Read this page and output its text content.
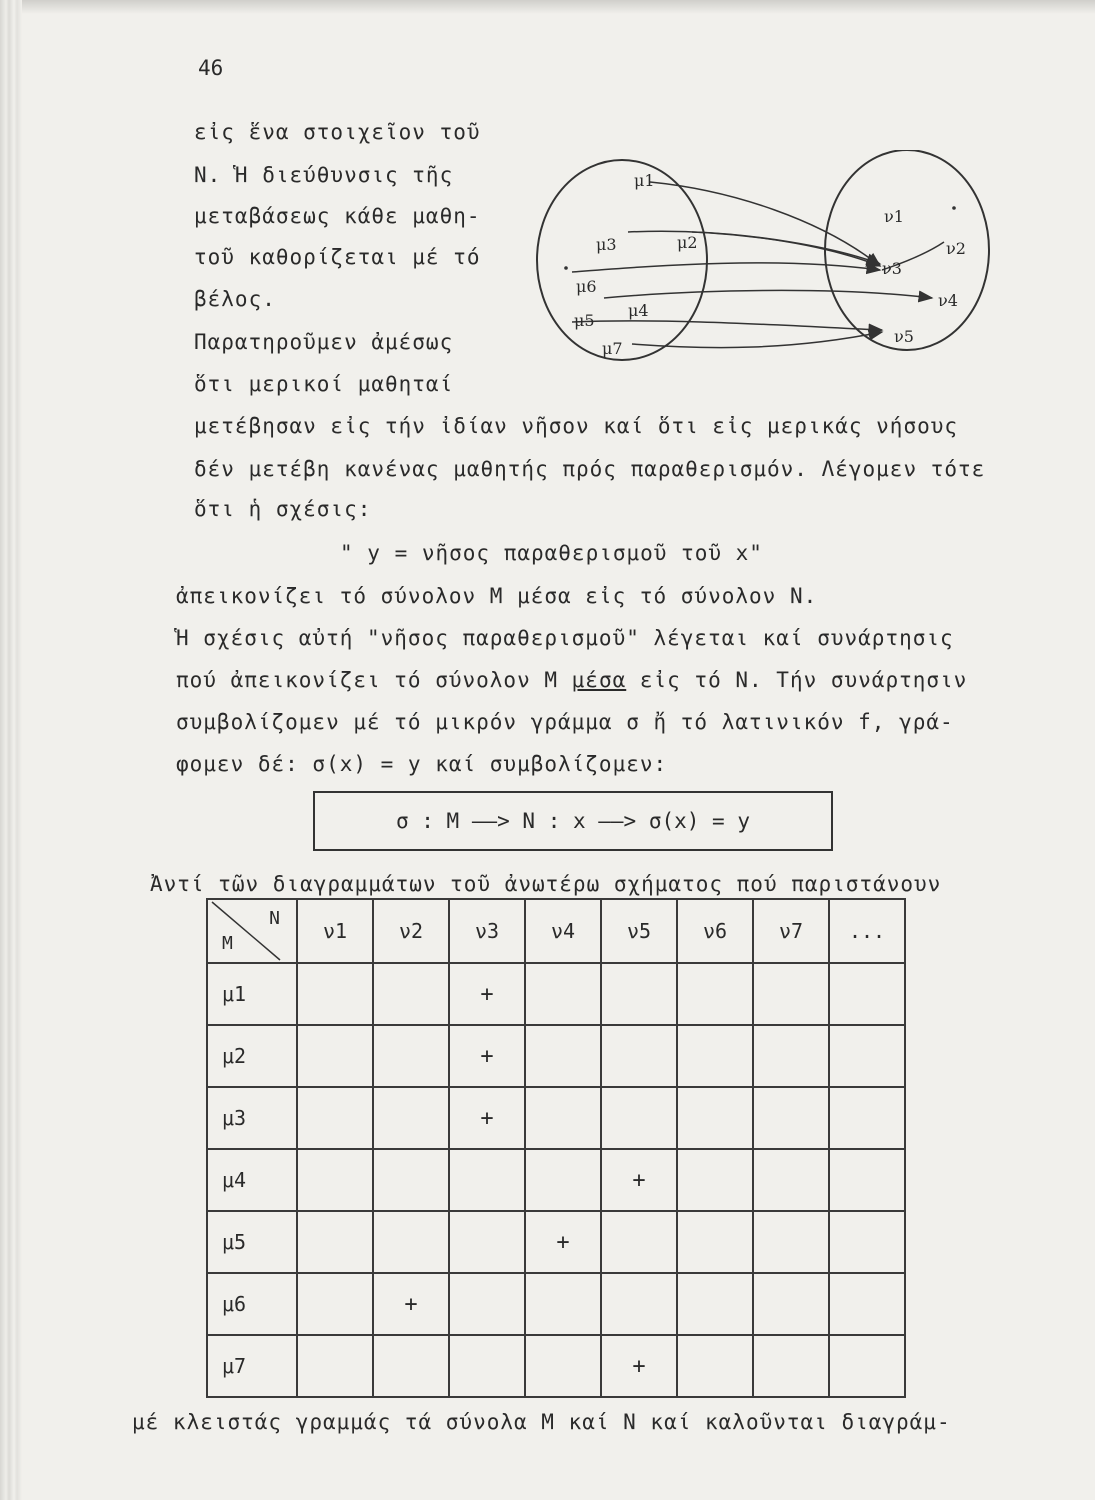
46
εἰς ἕνα στοιχεῖον τοῦ
Ν. Ἡ διεύθυνσις τῆς
μεταβάσεως κάθε μαθη-
τοῦ καθορίζεται μέ τό
βέλος.
Παρατηροῦμεν ἀμέσως
ὅτι μερικοί μαθηταί
μετέβησαν εἰς τήν ἰδίαν νῆσον καί ὅτι εἰς μερικάς νήσους
δέν μετέβη κανένας μαθητής πρός παραθερισμόν. Λέγομεν τότε
ὅτι ἡ σχέσις:
" y = νῆσος παραθερισμοῦ τοῦ x"
ἀπεικονίζει τό σύνολον Μ μέσα εἰς τό σύνολον Ν.
Ἡ σχέσις αὐτή "νῆσος παραθερισμοῦ" λέγεται καί συνάρτησις
πού ἀπεικονίζει τό σύνολον Μ μέσα εἰς τό Ν. Τήν συνάρτησιν
συμβολίζομεν μέ τό μικρόν γράμμα σ ἤ τό λατινικόν f, γρά-
φομεν δέ: σ(x) = y καί συμβολίζομεν:
σ : M ——> N : x ——> σ(x) = y
Ἀντί τῶν διαγραμμάτων τοῦ ἀνωτέρω σχήματος πού παριστάνουν
μ1
μ2
μ3
μ4
μ5
μ6
μ7
ν1
ν2
ν3
ν4
ν5
N
M	ν1	ν2	ν3	ν4	ν5	ν6	ν7	...
μ1			+					
μ2			+					
μ3			+					
μ4					+			
μ5				+				
μ6		+						
μ7					+			
μέ κλειστάς γραμμάς τά σύνολα Μ καί Ν καί καλοῦνται διαγράμ-
